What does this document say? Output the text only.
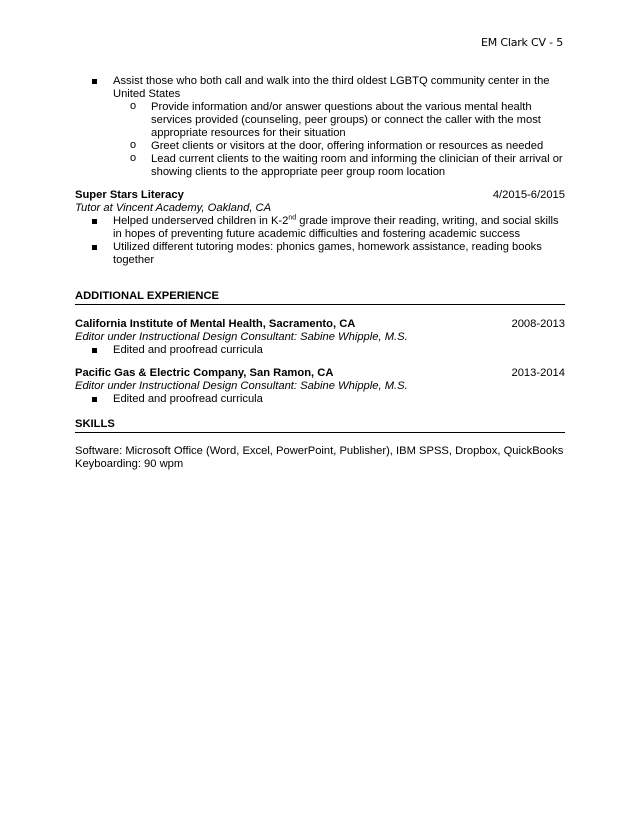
EM Clark CV - 5
Assist those who both call and walk into the third oldest LGBTQ community center in the United States
o Provide information and/or answer questions about the various mental health services provided (counseling, peer groups) or connect the caller with the most appropriate resources for their situation
o Greet clients or visitors at the door, offering information or resources as needed
o Lead current clients to the waiting room and informing the clinician of their arrival or showing clients to the appropriate peer group room location
Super Stars Literacy	4/2015-6/2015
Tutor at Vincent Academy, Oakland, CA
Helped underserved children in K-2nd grade improve their reading, writing, and social skills in hopes of preventing future academic difficulties and fostering academic success
Utilized different tutoring modes: phonics games, homework assistance, reading books together
ADDITIONAL EXPERIENCE
California Institute of Mental Health, Sacramento, CA	2008-2013
Editor under Instructional Design Consultant: Sabine Whipple, M.S.
Edited and proofread curricula
Pacific Gas & Electric Company, San Ramon, CA	2013-2014
Editor under Instructional Design Consultant: Sabine Whipple, M.S.
Edited and proofread curricula
SKILLS
Software: Microsoft Office (Word, Excel, PowerPoint, Publisher), IBM SPSS, Dropbox, QuickBooks
Keyboarding: 90 wpm
